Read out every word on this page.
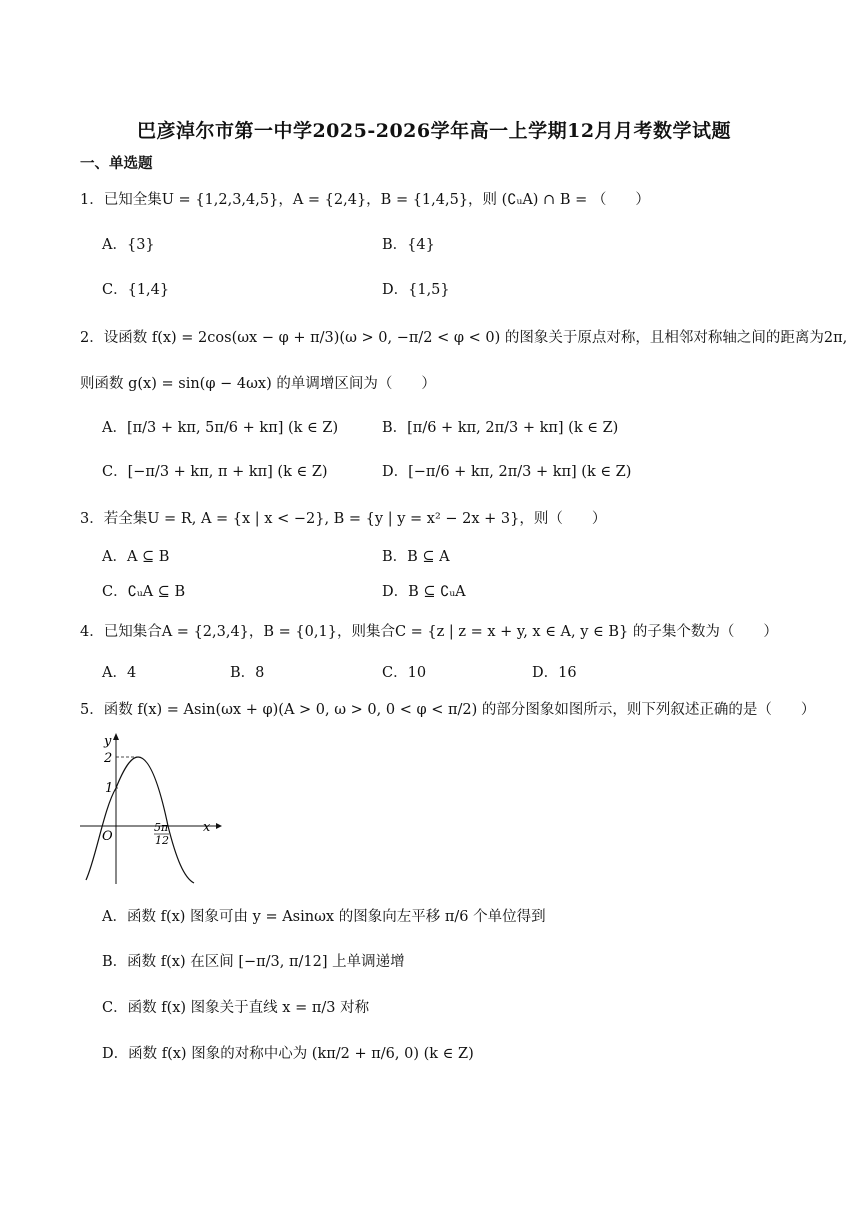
巴彦淖尔市第一中学2025-2026学年高一上学期12月月考数学试题
一、单选题
1．已知全集U = {1,2,3,4,5}，A = {2,4}，B = {1,4,5}，则 (∁ᵤA) ∩ B = （　　）
A．{3}	B．{4}
C．{1,4}	D．{1,5}
2．设函数 f(x) = 2cos(ωx − φ + π/3)(ω > 0, −π/2 < φ < 0) 的图象关于原点对称，且相邻对称轴之间的距离为2π,
则函数 g(x) = sin(φ − 4ωx) 的单调增区间为（　　）
A．[π/3 + kπ, 5π/6 + kπ] (k ∈ Z)	B．[π/6 + kπ, 2π/3 + kπ] (k ∈ Z)
C．[−π/3 + kπ, π + kπ] (k ∈ Z)	D．[−π/6 + kπ, 2π/3 + kπ] (k ∈ Z)
3．若全集U = R, A = {x | x < −2}, B = {y | y = x² − 2x + 3}，则（　　）
A．A ⊆ B	B．B ⊆ A
C．∁ᵤA ⊆ B	D．B ⊆ ∁ᵤA
4．已知集合A = {2,3,4}，B = {0,1}，则集合C = {z | z = x + y, x ∈ A, y ∈ B} 的子集个数为（　　）
A．4	B．8	C．10	D．16
5．函数 f(x) = Asin(ωx + φ)(A > 0, ω > 0, 0 < φ < π/2) 的部分图象如图所示，则下列叙述正确的是（　　）
y
x
O
2
1
5π
12
A．函数 f(x) 图象可由 y = Asinωx 的图象向左平移 π/6 个单位得到
B．函数 f(x) 在区间 [−π/3, π/12] 上单调递增
C．函数 f(x) 图象关于直线 x = π/3 对称
D．函数 f(x) 图象的对称中心为 (kπ/2 + π/6, 0) (k ∈ Z)
